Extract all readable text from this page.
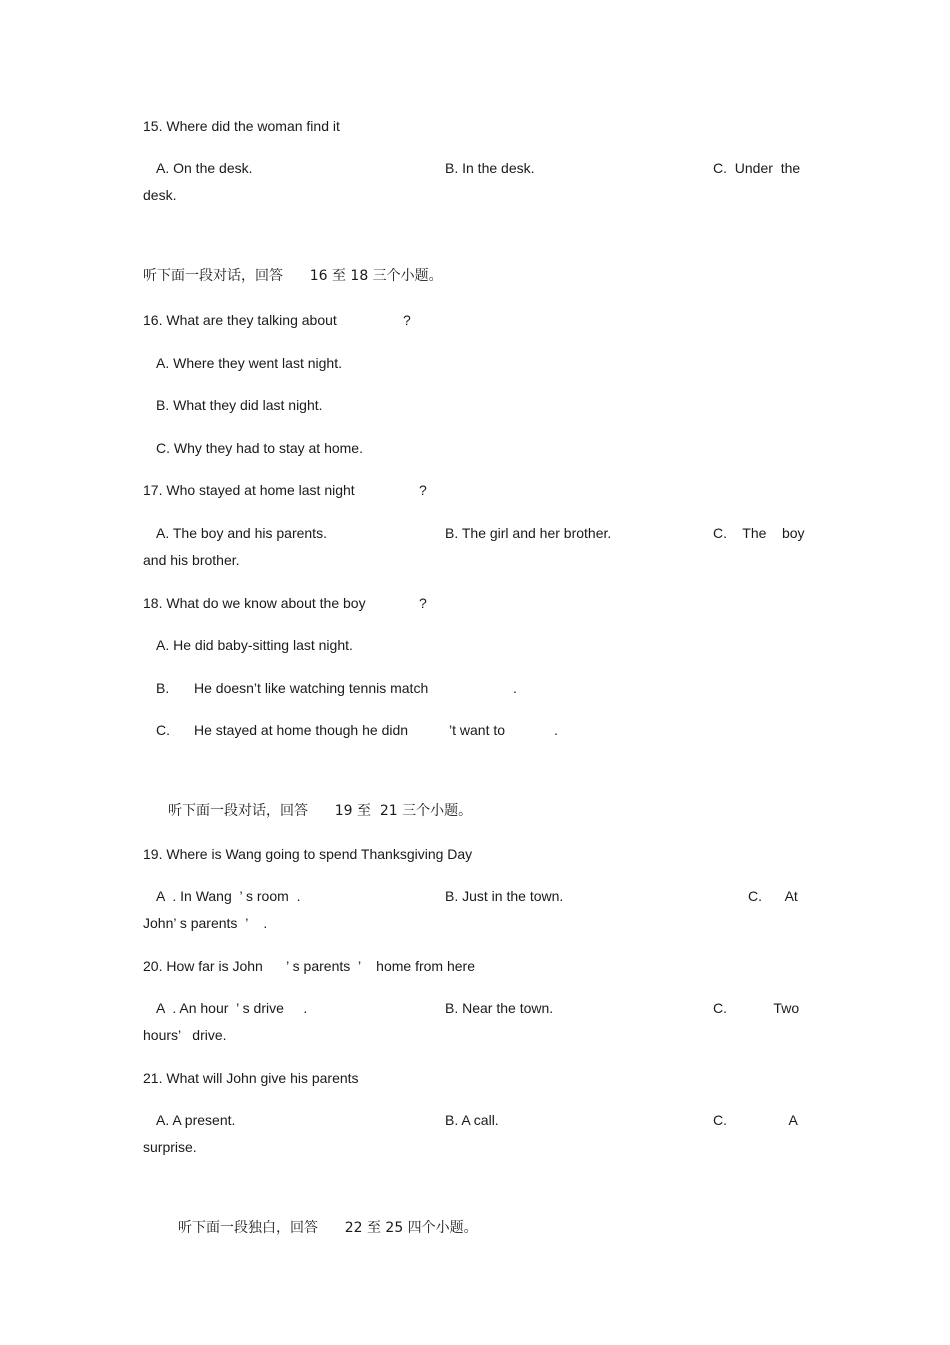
15. Where did the woman find it
A. On the desk.	B. In the desk.	C.  Under  the
desk.
听下面一段对话，回答      16 至 18 三个小题。
16. What are they talking about	?
A. Where they went last night.
B. What they did last night.
C. Why they had to stay at home.
17. Who stayed at home last night	?
A. The boy and his parents.	B. The girl and her brother.	C.    The    boy
and his brother.
18. What do we know about the boy	?
A. He did baby-sitting last night.
B. He doesn’t like watching tennis match	.
C. He stayed at home though he didn	’t want to	.
听下面一段对话，回答      19 至  21 三个小题。
19. Where is Wang going to spend Thanksgiving Day
A  . In Wang  ’ s room  .	B. Just in the town.	C.      At
John’ s parents  ’    .
20. How far is John      ’ s parents  ’    home from here
A  . An hour  ’ s drive     .	B. Near the town.	C.            Two
hours’   drive.
21. What will John give his parents
A. A present.	B. A call.	C.                A
surprise.
听下面一段独白，回答      22 至 25 四个小题。
